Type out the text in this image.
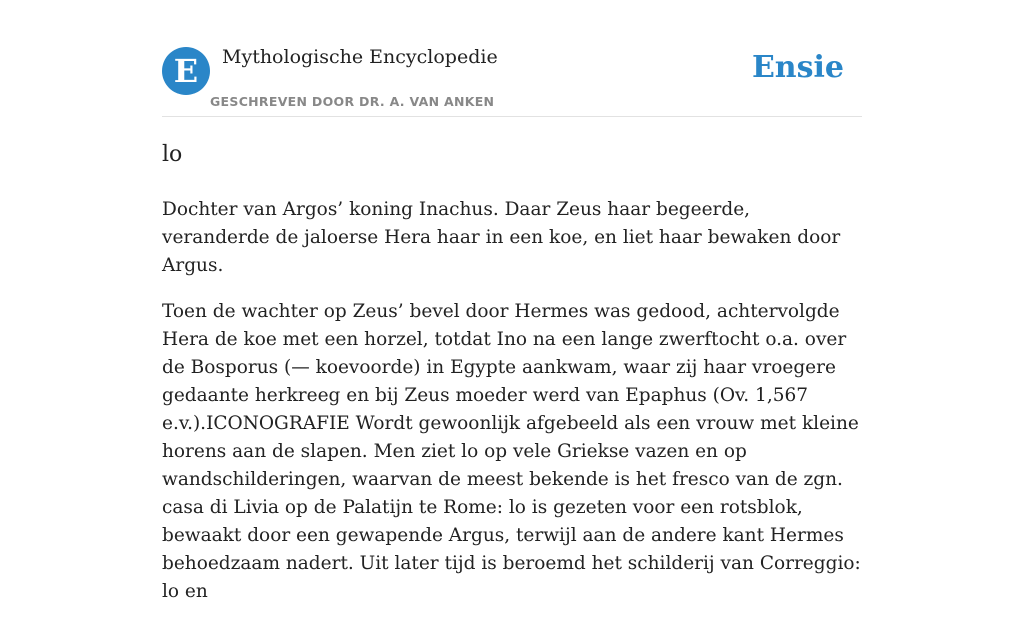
E	Mythologische Encyclopedie
GESCHREVEN DOOR DR. A. VAN ANKEN
Ensie
lo

Dochter van Argos’ koning Inachus. Daar Zeus haar begeerde, veranderde de jaloerse Hera haar in een koe, en liet haar bewaken door Argus.

Toen de wachter op Zeus’ bevel door Hermes was gedood, achtervolgde Hera de koe met een horzel, totdat Ino na een lange zwerftocht o.a. over de Bosporus (— koevoorde) in Egypte aankwam, waar zij haar vroegere gedaante herkreeg en bij Zeus moeder werd van Epaphus (Ov. 1,567 e.v.).ICONOGRAFIE Wordt gewoonlijk afgebeeld als een vrouw met kleine horens aan de slapen. Men ziet lo op vele Griekse vazen en op wandschilderingen, waarvan de meest bekende is het fresco van de zgn. casa di Livia op de Palatijn te Rome: lo is gezeten voor een rotsblok, bewaakt door een gewapende Argus, terwijl aan de andere kant Hermes behoedzaam nadert. Uit later tijd is beroemd het schilderij van Correggio: lo en
